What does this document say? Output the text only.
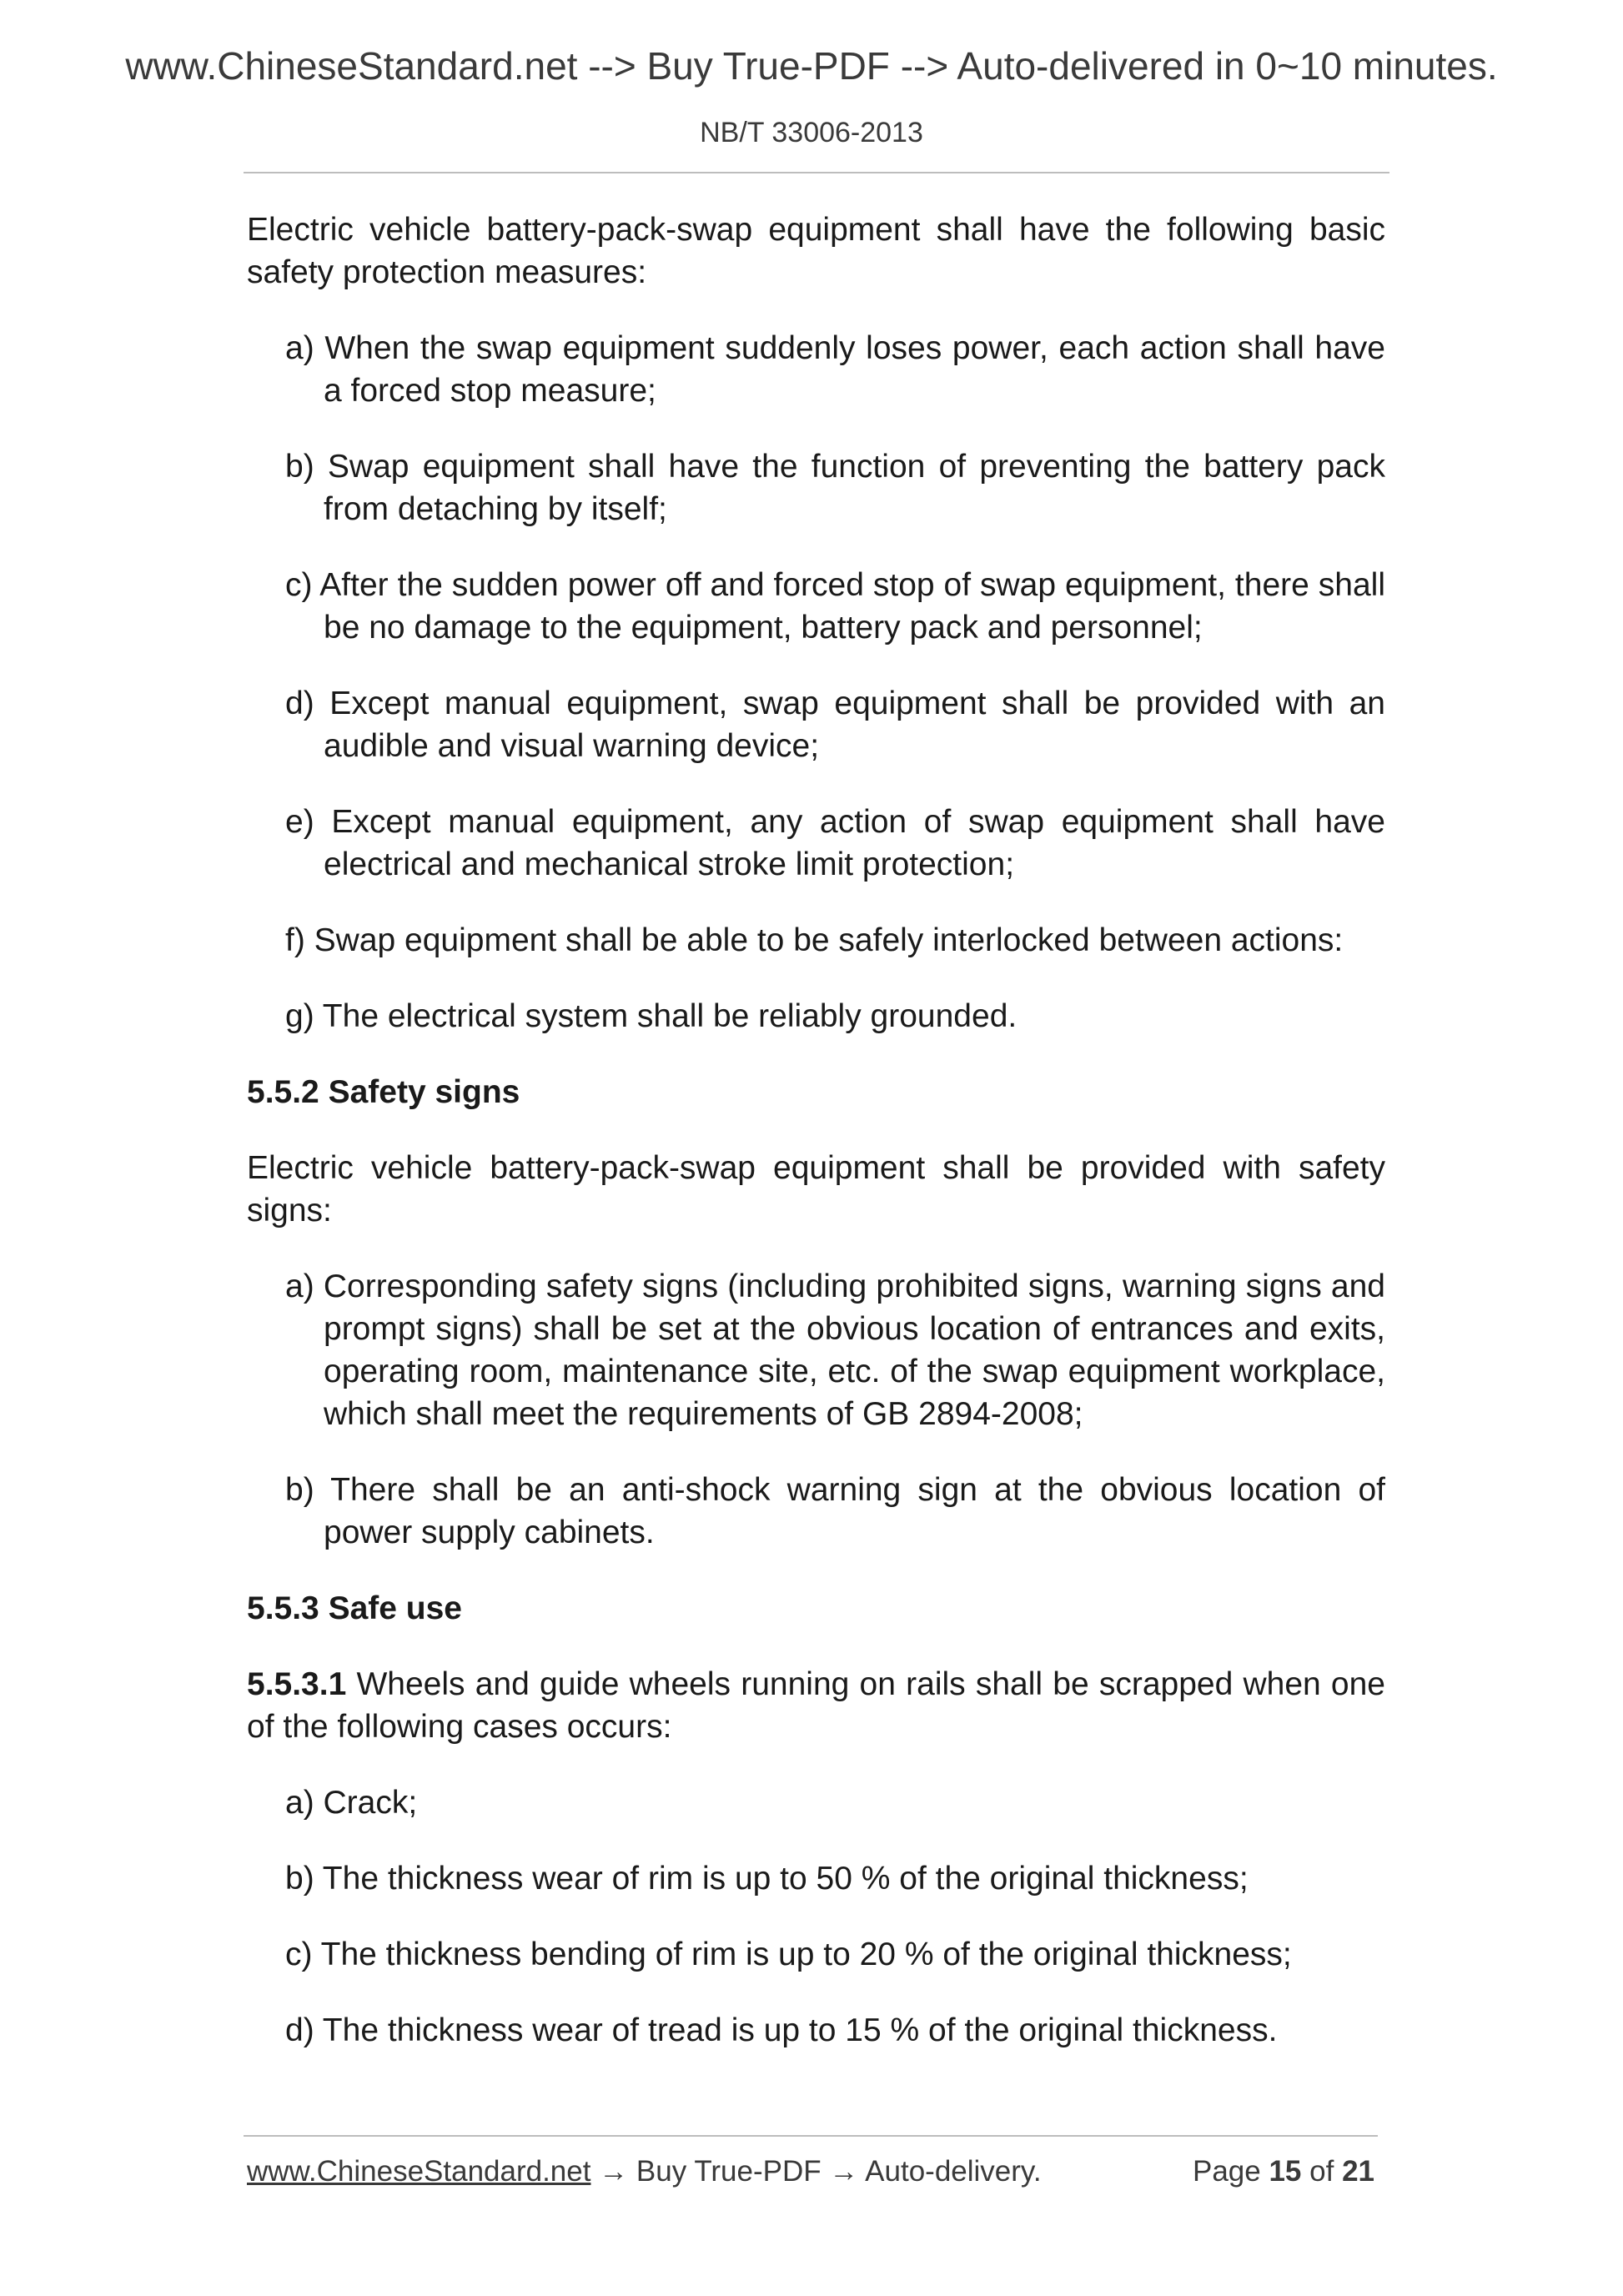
www.ChineseStandard.net --> Buy True-PDF --> Auto-delivered in 0~10 minutes.
NB/T 33006-2013

Electric vehicle battery-pack-swap equipment shall have the following basic safety protection measures:

a) When the swap equipment suddenly loses power, each action shall have a forced stop measure;

b) Swap equipment shall have the function of preventing the battery pack from detaching by itself;

c) After the sudden power off and forced stop of swap equipment, there shall be no damage to the equipment, battery pack and personnel;

d) Except manual equipment, swap equipment shall be provided with an audible and visual warning device;

e) Except manual equipment, any action of swap equipment shall have electrical and mechanical stroke limit protection;

f) Swap equipment shall be able to be safely interlocked between actions:

g) The electrical system shall be reliably grounded.

5.5.2 Safety signs

Electric vehicle battery-pack-swap equipment shall be provided with safety signs:

a) Corresponding safety signs (including prohibited signs, warning signs and prompt signs) shall be set at the obvious location of entrances and exits, operating room, maintenance site, etc. of the swap equipment workplace, which shall meet the requirements of GB 2894-2008;

b) There shall be an anti-shock warning sign at the obvious location of power supply cabinets.

5.5.3 Safe use

5.5.3.1 Wheels and guide wheels running on rails shall be scrapped when one of the following cases occurs:

a) Crack;

b) The thickness wear of rim is up to 50 % of the original thickness;

c) The thickness bending of rim is up to 20 % of the original thickness;

d) The thickness wear of tread is up to 15 % of the original thickness.

www.ChineseStandard.net → Buy True-PDF → Auto-delivery.	Page 15 of 21
